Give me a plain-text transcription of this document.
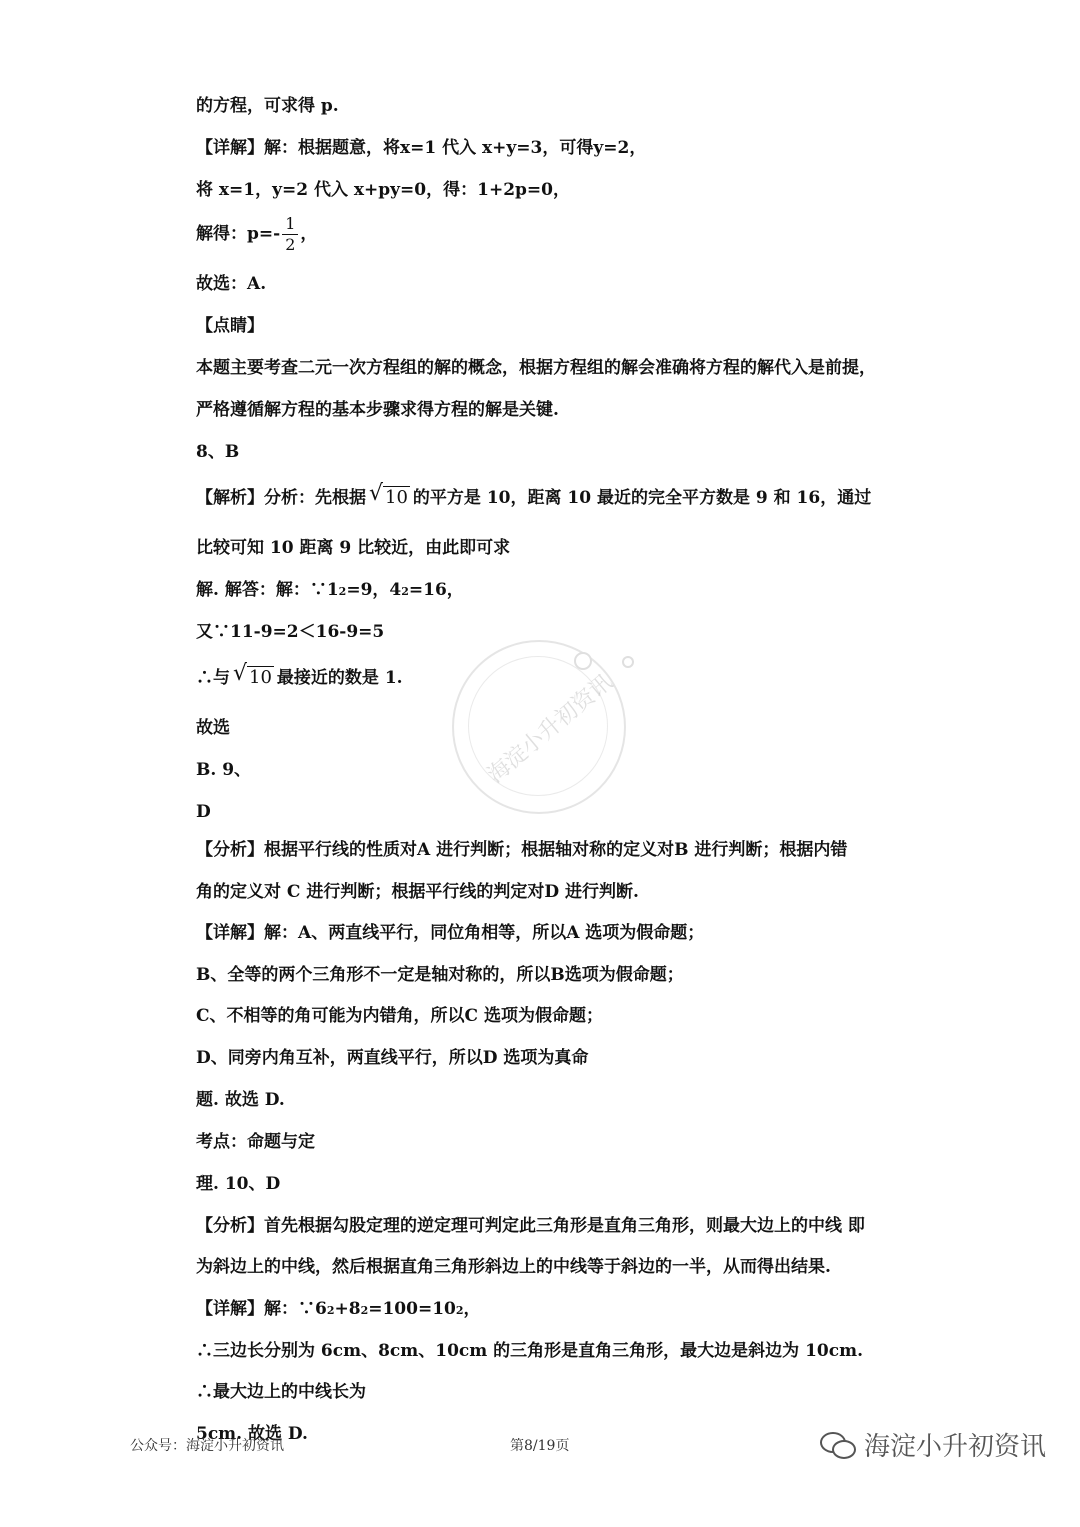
海淀小升初资讯
的方程，可求得 p.
【详解】解：根据题意，将x=1 代入 x+y=3，可得y=2，
将 x=1，y=2 代入 x+py=0，得：1+2p=0，
解得：$p=- \frac{1}{2}$ ，
故选：A.
【点睛】
本题主要考查二元一次方程组的解的概念，根据方程组的解会准确将方程的解代入是前提，
严格遵循解方程的基本步骤求得方程的解是关键.
8、B
【解析】分析：先根据 √ 10 的平方是 10，距离 10 最近的完全平方数是 9 和 16，通过
比较可知 10 距离 9 比较近，由此即可求
解. 解答：解：∵12=9，42=16，
又∵11-9=2＜16-9=5
∴与 √ 10 最接近的数是 1.
故选
B. 9、
D
【分析】根据平行线的性质对A 进行判断；根据轴对称的定义对B 进行判断；根据内错
角的定义对 C 进行判断；根据平行线的判定对D 进行判断.
【详解】解：A、两直线平行，同位角相等，所以A 选项为假命题；
B、全等的两个三角形不一定是轴对称的，所以B选项为假命题；
C、不相等的角可能为内错角，所以C 选项为假命题；
D、同旁内角互补，两直线平行，所以D 选项为真命
题. 故选 D.
考点：命题与定
理. 10、D
【分析】首先根据勾股定理的逆定理可判定此三角形是直角三角形，则最大边上的中线 即
为斜边上的中线，然后根据直角三角形斜边上的中线等于斜边的一半，从而得出结果.
【详解】解：∵62+82=100=102，
∴三边长分别为 6cm、8cm、10cm 的三角形是直角三角形，最大边是斜边为 10cm.
∴最大边上的中线长为
5cm. 故选 D.
公众号：海淀小升初资讯	第8/19页	海淀小升初资讯
